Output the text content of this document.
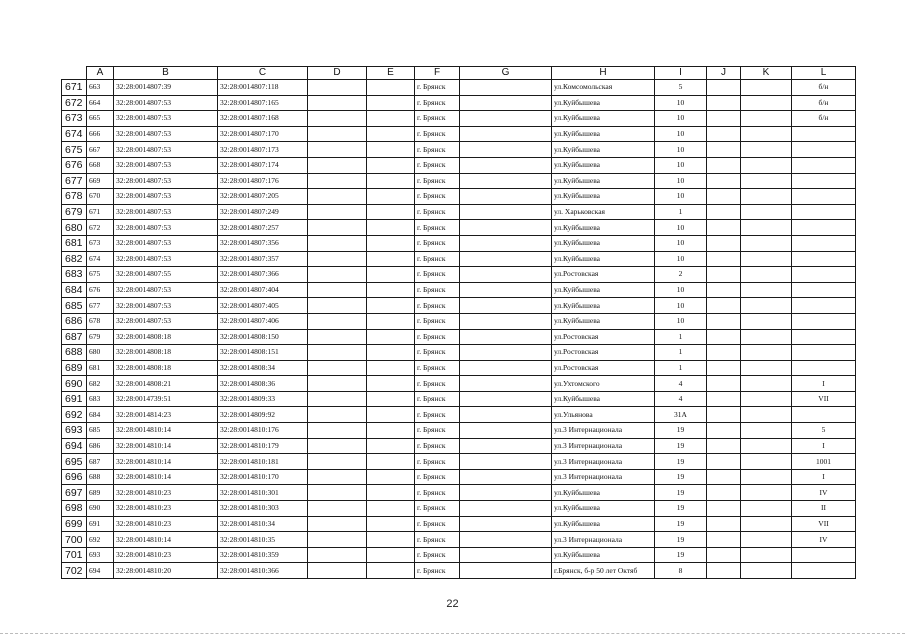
	A	B	C	D	E	F	G	H	I	J	K	L
671	663	32:28:0014807:39	32:28:0014807:118			г. Брянск		ул.Комсомольская	5			б/н
672	664	32:28:0014807:53	32:28:0014807:165			г. Брянск		ул.Куйбышева	10			б/н
673	665	32:28:0014807:53	32:28:0014807:168			г. Брянск		ул.Куйбышева	10			б/н
674	666	32:28:0014807:53	32:28:0014807:170			г. Брянск		ул.Куйбышева	10			
675	667	32:28:0014807:53	32:28:0014807:173			г. Брянск		ул.Куйбышева	10			
676	668	32:28:0014807:53	32:28:0014807:174			г. Брянск		ул.Куйбышева	10			
677	669	32:28:0014807:53	32:28:0014807:176			г. Брянск		ул.Куйбышева	10			
678	670	32:28:0014807:53	32:28:0014807:205			г. Брянск		ул.Куйбышева	10			
679	671	32:28:0014807:53	32:28:0014807:249			г. Брянск		ул. Харьковская	1			
680	672	32:28:0014807:53	32:28:0014807:257			г. Брянск		ул.Куйбышева	10			
681	673	32:28:0014807:53	32:28:0014807:356			г. Брянск		ул.Куйбышева	10			
682	674	32:28:0014807:53	32:28:0014807:357			г. Брянск		ул.Куйбышева	10			
683	675	32:28:0014807:55	32:28:0014807:366			г. Брянск		ул.Ростовская	2			
684	676	32:28:0014807:53	32:28:0014807:404			г. Брянск		ул.Куйбышева	10			
685	677	32:28:0014807:53	32:28:0014807:405			г. Брянск		ул.Куйбышева	10			
686	678	32:28:0014807:53	32:28:0014807:406			г. Брянск		ул.Куйбышева	10			
687	679	32:28:0014808:18	32:28:0014808:150			г. Брянск		ул.Ростовская	1			
688	680	32:28:0014808:18	32:28:0014808:151			г. Брянск		ул.Ростовская	1			
689	681	32:28:0014808:18	32:28:0014808:34			г. Брянск		ул.Ростовская	1			
690	682	32:28:0014808:21	32:28:0014808:36			г. Брянск		ул.Ухтомского	4			I
691	683	32:28:0014739:51	32:28:0014809:33			г. Брянск		ул.Куйбышева	4			VII
692	684	32:28:0014814:23	32:28:0014809:92			г. Брянск		ул.Ульянова	31А			
693	685	32:28:0014810:14	32:28:0014810:176			г. Брянск		ул.3 Интернационала	19			5
694	686	32:28:0014810:14	32:28:0014810:179			г. Брянск		ул.3 Интернационала	19			I
695	687	32:28:0014810:14	32:28:0014810:181			г. Брянск		ул.3 Интернационала	19			1001
696	688	32:28:0014810:14	32:28:0014810:170			г. Брянск		ул.3 Интернационала	19			I
697	689	32:28:0014810:23	32:28:0014810:301			г. Брянск		ул.Куйбышева	19			IV
698	690	32:28:0014810:23	32:28:0014810:303			г. Брянск		ул.Куйбышева	19			II
699	691	32:28:0014810:23	32:28:0014810:34			г. Брянск		ул.Куйбышева	19			VII
700	692	32:28:0014810:14	32:28:0014810:35			г. Брянск		ул.3 Интернационала	19			IV
701	693	32:28:0014810:23	32:28:0014810:359			г. Брянск		ул.Куйбышева	19			
702	694	32:28:0014810:20	32:28:0014810:366			г. Брянск		г.Брянск, б-р 50 лет Октяб	8			
22
